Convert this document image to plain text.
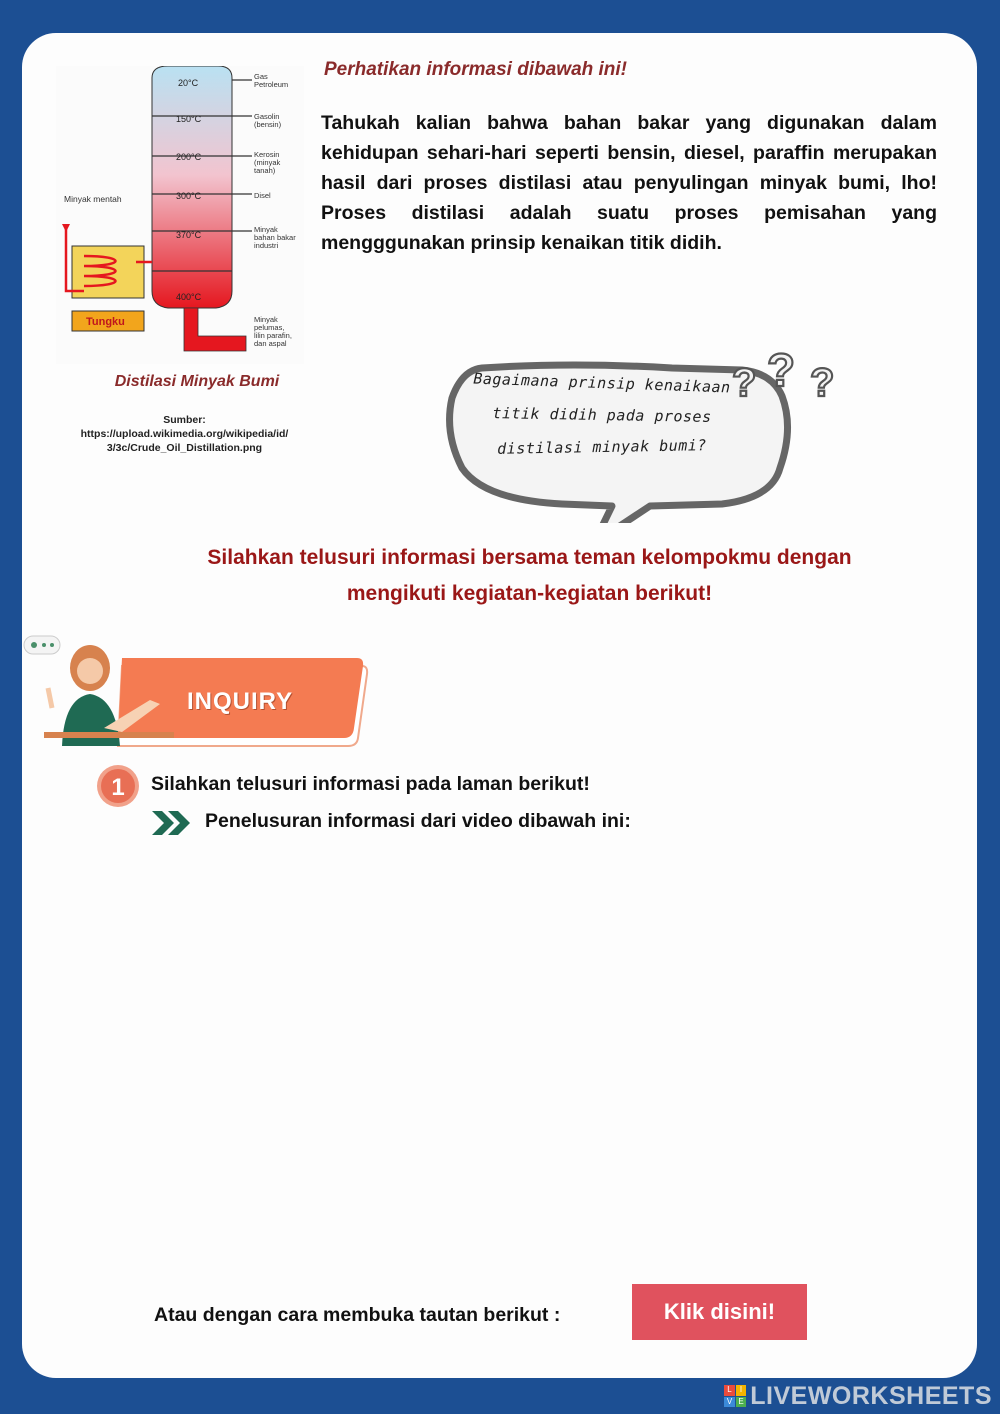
20°C
150°C
200°C
300°C
370°C
400°C
Gas
Petroleum
Gasolin
(bensin)
Kerosin
(minyak
tanah)
Disel
Minyak
bahan bakar
industri
Minyak
pelumas,
lilin parafin,
dan aspal
Minyak mentah
Tungku
Distilasi Minyak Bumi
Sumber:
https://upload.wikimedia.org/wikipedia/id/
3/3c/Crude_Oil_Distillation.png
Perhatikan informasi dibawah ini!
Tahukah kalian bahwa bahan bakar yang digunakan dalam kehidupan sehari-hari seperti bensin, diesel, paraffin merupakan hasil dari proses distilasi atau penyulingan minyak bumi, lho! Proses distilasi adalah suatu proses pemisahan yang mengggunakan prinsip kenaikan titik didih.
? ? ?
Bagaimana prinsip kenaikaan
titik didih pada proses
distilasi minyak bumi?
Silahkan telusuri informasi bersama teman kelompokmu dengan
mengikuti kegiatan-kegiatan berikut!
INQUIRY
1 Silahkan telusuri informasi pada laman berikut!
Penelusuran informasi dari video dibawah ini:
Atau dengan cara membuka tautan berikut :	Klik disini!
L	I
V E LIVEWORKSHEETS
